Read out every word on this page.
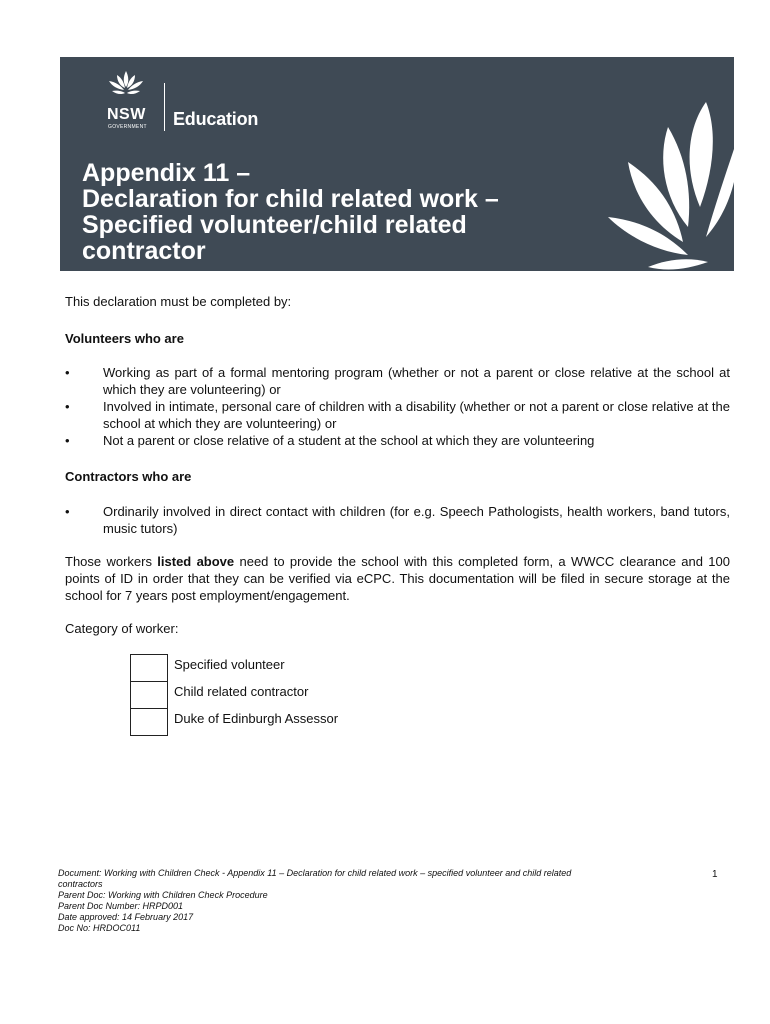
NSW
GOVERNMENT Education
Appendix 11 –
Declaration for child related work –
Specified volunteer/child related
contractor

This declaration must be completed by:

Volunteers who are

• Working as part of a formal mentoring program (whether or not a parent or close relative at the school at which they are volunteering) or
• Involved in intimate, personal care of children with a disability (whether or not a parent or close relative at the school at which they are volunteering) or
• Not a parent or close relative of a student at the school at which they are volunteering

Contractors who are

• Ordinarily involved in direct contact with children (for e.g. Speech Pathologists, health workers, band tutors, music tutors)

Those workers listed above need to provide the school with this completed form, a WWCC clearance and 100 points of ID in order that they can be verified via eCPC. This documentation will be filed in secure storage at the school for 7 years post employment/engagement.

Category of worker:

Specified volunteer
Child related contractor
Duke of Edinburgh Assessor
Document: Working with Children Check - Appendix 11 – Declaration for child related work – specified volunteer and child related contractors
Parent Doc: Working with Children Check Procedure
Parent Doc Number: HRPD001
Date approved: 14 February 2017
Doc No: HRDOC011
1
